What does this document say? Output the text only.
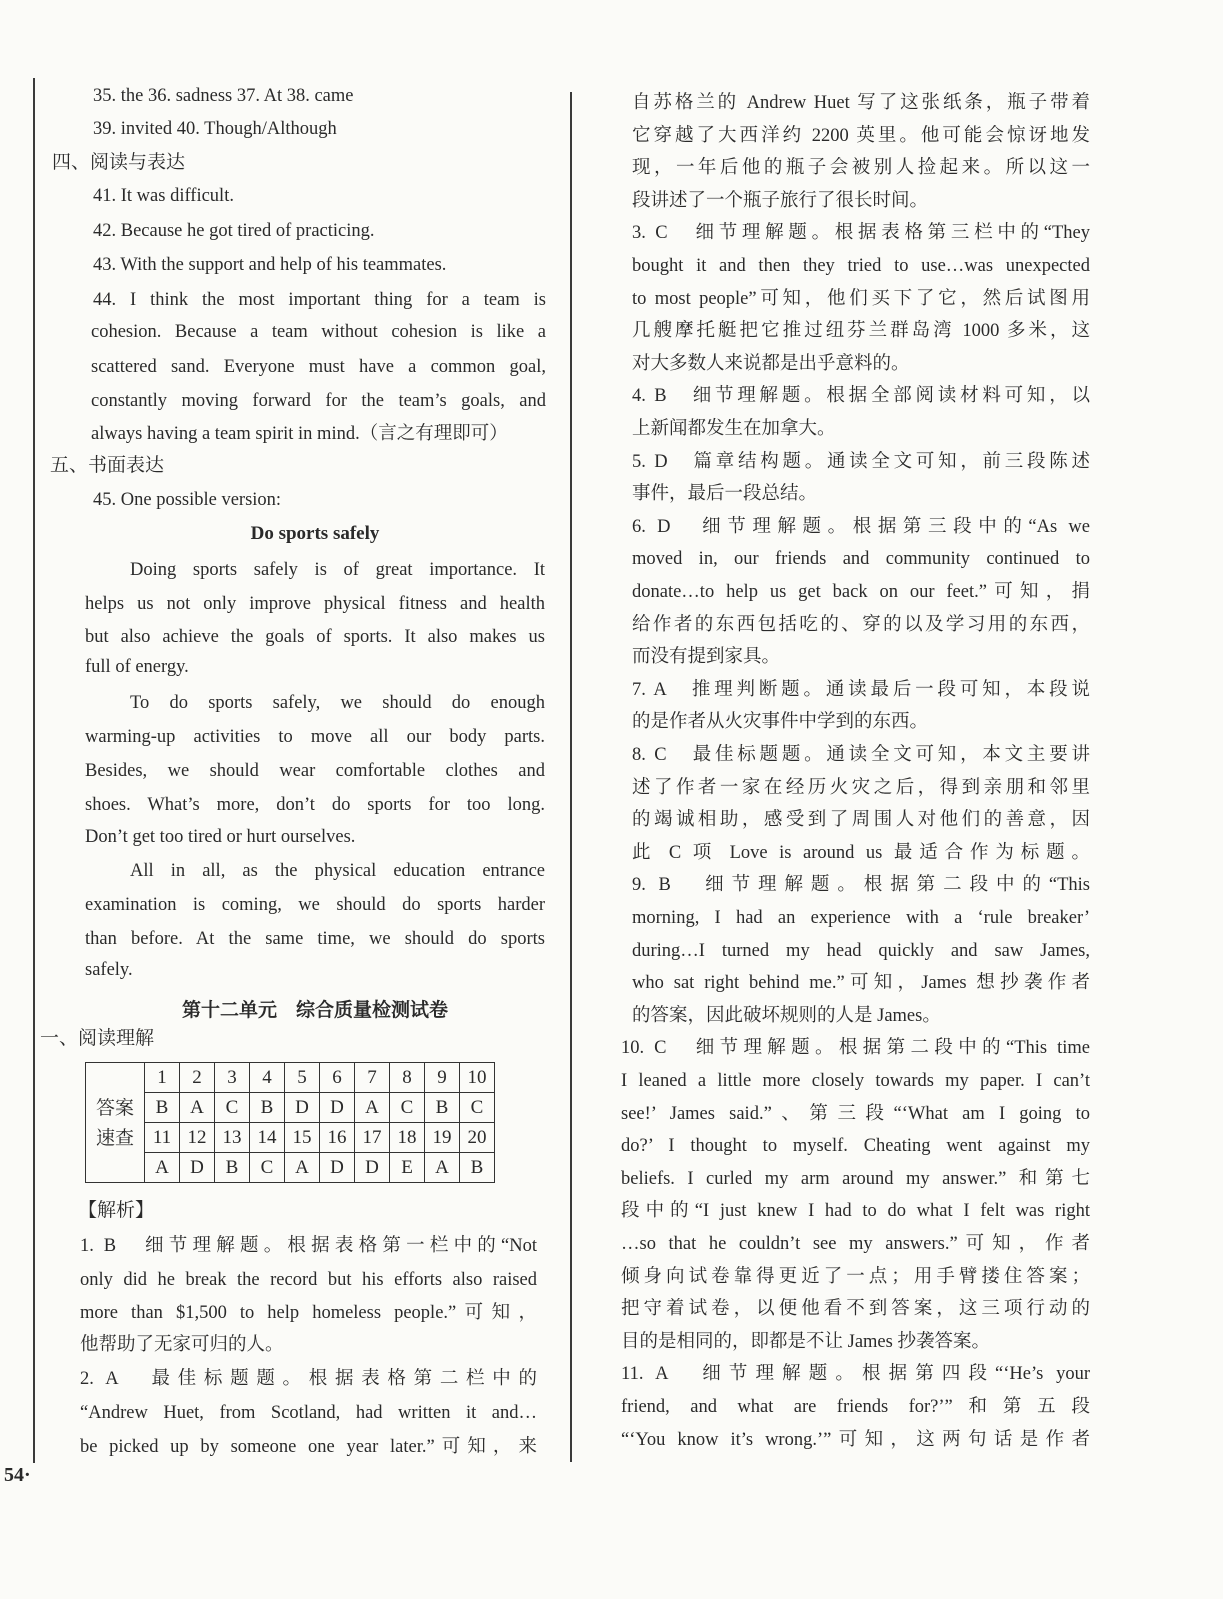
35. the 36. sadness 37. At 38. came
39. invited 40. Though/Although
四、阅读与表达
41. It was difficult.
42. Because he got tired of practicing.
43. With the support and help of his teammates.
44. I think the most important thing for a team is
cohesion. Because a team without cohesion is like a
scattered sand. Everyone must have a common goal,
constantly moving forward for the team’s goals, and
always having a team spirit in mind.（言之有理即可）
五、书面表达
45. One possible version:
Doing sports safely is of great importance. It
helps us not only improve physical fitness and health
but also achieve the goals of sports. It also makes us
full of energy.
To do sports safely, we should do enough
warming-up activities to move all our body parts.
Besides, we should wear comfortable clothes and
shoes. What’s more, don’t do sports for too long.
Don’t get too tired or hurt ourselves.
All in all, as the physical education entrance
examination is coming, we should do sports harder
than before. At the same time, we should do sports
safely.
一、阅读理解
【解析】
1. B　细节理解题。根据表格第一栏中的“Not
only did he break the record but his efforts also raised
more than $1,500 to help homeless people.”可知，
他帮助了无家可归的人。
2. A　最佳标题题。根据表格第二栏中的
“Andrew Huet, from Scotland, had written it and…
be picked up by someone one year later.”可知，来
自苏格兰的 Andrew Huet 写了这张纸条，瓶子带着
它穿越了大西洋约 2200 英里。他可能会惊讶地发
现，一年后他的瓶子会被别人捡起来。所以这一
段讲述了一个瓶子旅行了很长时间。
3. C　细节理解题。根据表格第三栏中的“They
bought it and then they tried to use…was unexpected
to most people”可知，他们买下了它，然后试图用
几艘摩托艇把它推过纽芬兰群岛湾 1000 多米，这
对大多数人来说都是出乎意料的。
4. B　细节理解题。根据全部阅读材料可知，以
上新闻都发生在加拿大。
5. D　篇章结构题。通读全文可知，前三段陈述
事件，最后一段总结。
6. D　细节理解题。根据第三段中的“As we
moved in, our friends and community continued to
donate…to help us get back on our feet.”可知，捐
给作者的东西包括吃的、穿的以及学习用的东西，
而没有提到家具。
7. A　推理判断题。通读最后一段可知，本段说
的是作者从火灾事件中学到的东西。
8. C　最佳标题题。通读全文可知，本文主要讲
述了作者一家在经历火灾之后，得到亲朋和邻里
的竭诚相助，感受到了周围人对他们的善意，因
此 C 项 Love is around us 最适合作为标题。
9. B　细节理解题。根据第二段中的“This
morning, I had an experience with a ‘rule breaker’
during…I turned my head quickly and saw James,
who sat right behind me.”可知，James 想抄袭作者
的答案，因此破坏规则的人是 James。
10. C　细节理解题。根据第二段中的“This time
I leaned a little more closely towards my paper. I can’t
see!’ James said.”、第三段“‘What am I going to
do?’ I thought to myself. Cheating went against my
beliefs. I curled my arm around my answer.” 和第七
段中的“I just knew I had to do what I felt was right
…so that he couldn’t see my answers.”可知，作者
倾身向试卷靠得更近了一点；用手臂搂住答案；
把守着试卷，以便他看不到答案，这三项行动的
目的是相同的，即都是不让 James 抄袭答案。
11. A　细节理解题。根据第四段“‘He’s your
friend, and what are friends for?’”和第五段
“‘You know it’s wrong.’”可知，这两句话是作者
Do sports safely
第十二单元　综合质量检测试卷
答案
速查	1	2	3	4	5	6	7	8	9	10
	B	A	C	B	D	D	A	C	B	C
	11	12	13	14	15	16	17	18	19	20
	A	D	B	C	A	D	D	E	A	B
54·
